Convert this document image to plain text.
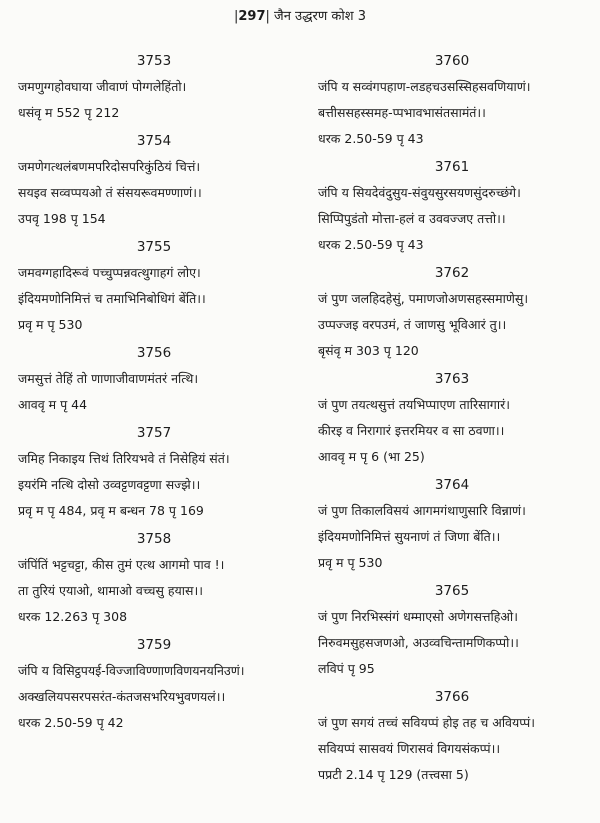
|297| जैन उद्धरण कोश 3
3753
जमणुग्गहोवघाया जीवाणं पोग्गलेहिंतो।
धसंवृ म 552 पृ 212
3754
जमणेगत्थलंबणमपरिदोसपरिकुंठियं चित्तं।
सयइव सव्वप्पयओ तं संसयरूवमण्णाणं।।
उपवृ 198 पृ 154
3755
जमवग्गहादिरूवं पच्चुप्पन्नवत्थुगाहगं लोए।
इंदियमणोनिमित्तं च तमाभिनिबोधिगं बेंति।।
प्रवृ म पृ 530
3756
जमसुत्तं तेहिं तो णाणाजीवाणमंतरं नत्थि।
आववृ म पृ 44
3757
जमिह निकाइय त्तिथं तिरियभवे तं निसेहियं संतं।
इयरंमि नत्थि दोसो उव्वट्टणवट्टणा सज्झे।।
प्रवृ म पृ 484, प्रवृ म बन्धन 78 पृ 169
3758
जंपिंतिं भट्टचट्टा, कीस तुमं एत्थ आगमो पाव !।
ता तुरियं एयाओ, थामाओ वच्चसु हयास।।
धरक 12.263 पृ 308
3759
जंपि य विसिट्ठपयई-विज्जाविण्णाणविणयनयनिउणं।
अक्खलियपसरपसरंत-कंतजसभरियभुवणयलं।।
धरक 2.50-59 पृ 42
3760
जंपि य सव्वंगपहाण-लडहचउसस्सिहसवणियाणं।
बत्तीससहस्समह-प्पभावभासंतसामंतं।।
धरक 2.50-59 पृ 43
3761
जंपि य सियदेवंदुसुय-संवुयसुरसयणसुंदरुच्छंगे।
सिप्पिपुडंतो मोत्ता-हलं व उववज्जए तत्तो।।
धरक 2.50-59 पृ 43
3762
जं पुण जलहिदहेसुं, पमाणजोअणसहस्समाणेसु।
उप्पज्जइ वरपउमं, तं जाणसु भूविआरं तु।।
बृसंवृ म 303 पृ 120
3763
जं पुण तयत्थसुत्तं तयभिप्पाएण तारिसागारं।
कीरइ व निरागारं इत्तरमियर व सा ठवणा।।
आववृ म पृ 6 (भा 25)
3764
जं पुण तिकालविसयं आगमगंथाणुसारि विन्नाणं।
इंदियमणोनिमित्तं सुयनाणं तं जिणा बेंति।।
प्रवृ म पृ 530
3765
जं पुण निरभिस्संगं धम्माएसो अणेगसत्तहिओ।
निरुवमसुहसजणओ, अउव्वचिन्तामणिकप्पो।।
लविपं पृ 95
3766
जं पुण सगयं तच्चं सवियप्पं होइ तह च अवियप्पं।
सवियप्पं सासवयं णिरासवं विगयसंकप्पं।।
पप्रटी 2.14 पृ 129 (तत्त्वसा 5)
